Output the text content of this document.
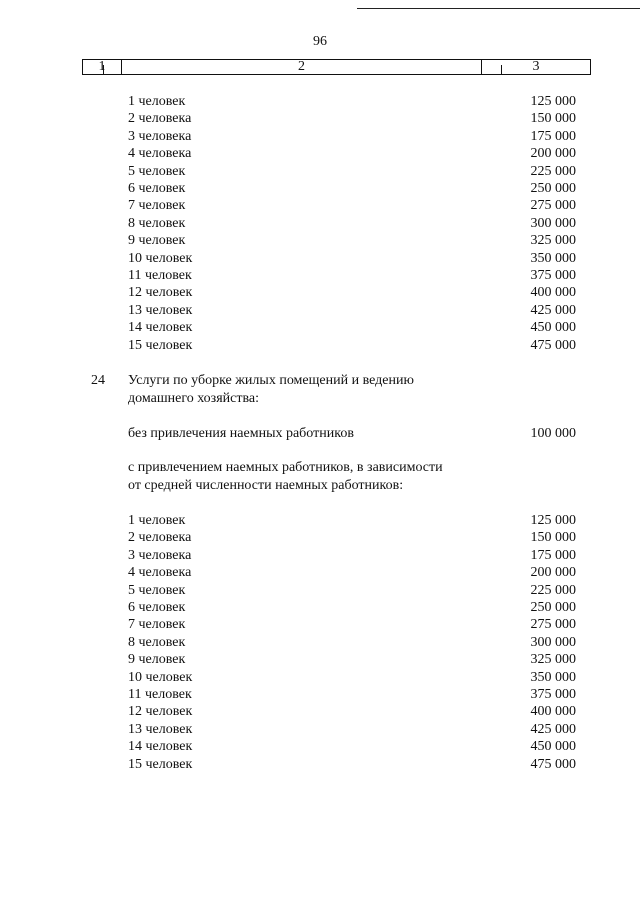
96
1	2	3
1 человек	125 000
2 человека	150 000
3 человека	175 000
4 человека	200 000
5 человек	225 000
6 человек	250 000
7 человек	275 000
8 человек	300 000
9 человек	325 000
10 человек	350 000
11 человек	375 000
12 человек	400 000
13 человек	425 000
14 человек	450 000
15 человек	475 000
24 Услуги по уборке жилых помещений и ведению
домашнего хозяйства:
без привлечения наемных работников	100 000
с привлечением наемных работников, в зависимости
от средней численности наемных работников:
1 человек	125 000
2 человека	150 000
3 человека	175 000
4 человека	200 000
5 человек	225 000
6 человек	250 000
7 человек	275 000
8 человек	300 000
9 человек	325 000
10 человек	350 000
11 человек	375 000
12 человек	400 000
13 человек	425 000
14 человек	450 000
15 человек	475 000
